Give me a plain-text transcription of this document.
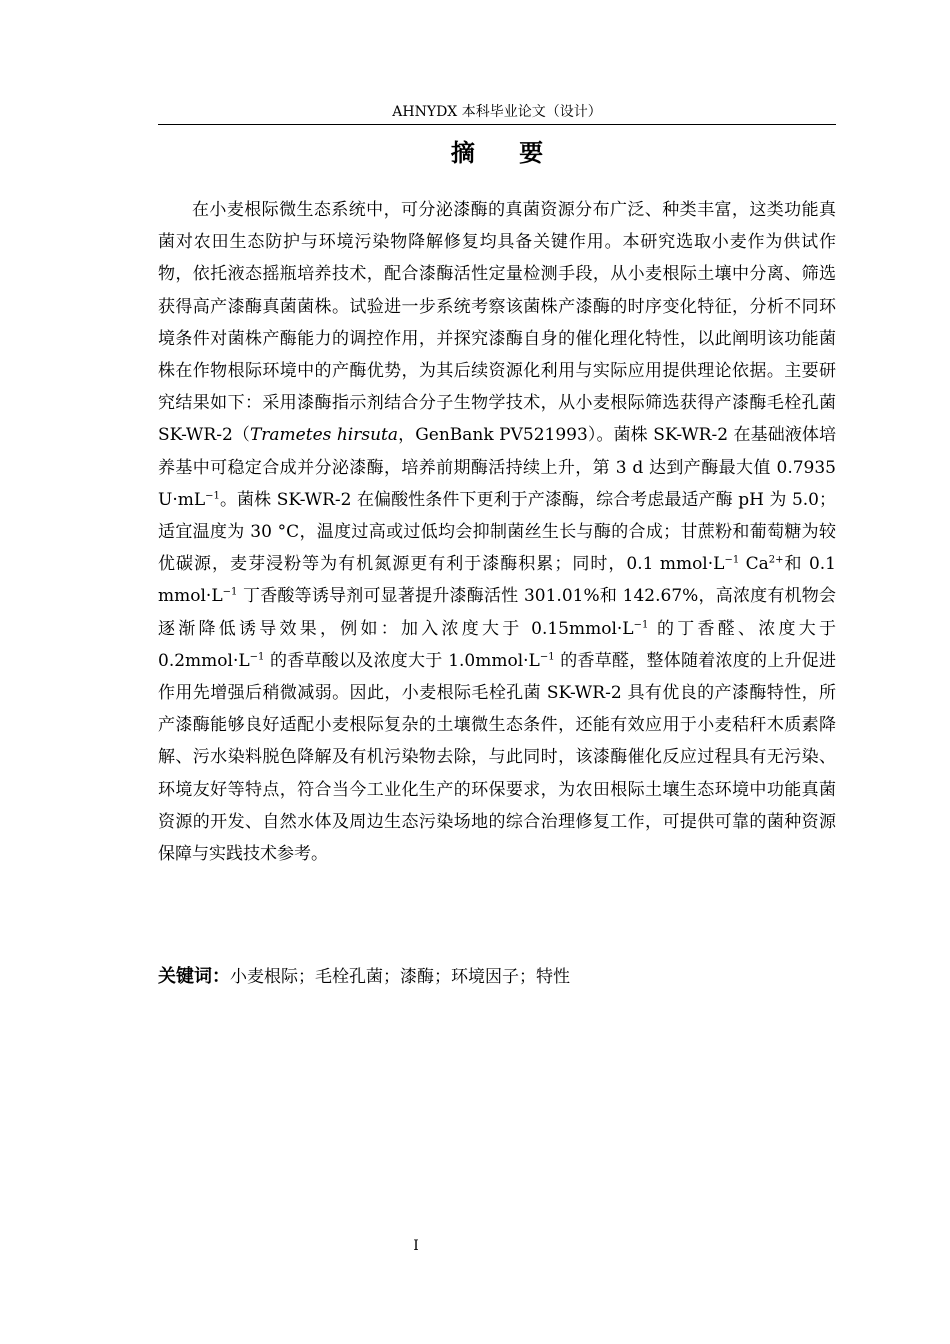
AHNYDX 本科毕业论文（设计）
摘 要

在小麦根际微生态系统中，可分泌漆酶的真菌资源分布广泛、种类丰富，这类功能真菌对农田生态防护与环境污染物降解修复均具备关键作用。本研究选取小麦作为供试作物，依托液态摇瓶培养技术，配合漆酶活性定量检测手段，从小麦根际土壤中分离、筛选获得高产漆酶真菌菌株。试验进一步系统考察该菌株产漆酶的时序变化特征，分析不同环境条件对菌株产酶能力的调控作用，并探究漆酶自身的催化理化特性，以此阐明该功能菌株在作物根际环境中的产酶优势，为其后续资源化利用与实际应用提供理论依据。主要研究结果如下：采用漆酶指示剂结合分子生物学技术，从小麦根际筛选获得产漆酶毛栓孔菌 SK-WR-2（Trametes hirsuta，GenBank PV521993）。菌株 SK-WR-2 在基础液体培养基中可稳定合成并分泌漆酶，培养前期酶活持续上升，第 3 d 达到产酶最大值 0.7935 $U\cdot mL^{-1}$。菌株 SK-WR-2 在偏酸性条件下更利于产漆酶，综合考虑最适产酶 pH 为 5.0；适宜温度为 30 °C，温度过高或过低均会抑制菌丝生长与酶的合成；甘蔗粉和葡萄糖为较优碳源，麦芽浸粉等为有机氮源更有利于漆酶积累；同时，0.1 $mmol\cdot L^{-1}$ $Ca^{2+}$和 0.1 $mmol\cdot L^{-1}$ 丁香酸等诱导剂可显著提升漆酶活性 301.01%和 142.67%，高浓度有机物会逐渐降低诱导效果，例如：加入浓度大于 $0.15mmol\cdot L^{-1}$ 的丁香醛、浓度大于 $0.2mmol\cdot L^{-1}$ 的香草酸以及浓度大于 $1.0mmol\cdot L^{-1}$ 的香草醛，整体随着浓度的上升促进作用先增强后稍微减弱。因此，小麦根际毛栓孔菌 SK-WR-2 具有优良的产漆酶特性，所产漆酶能够良好适配小麦根际复杂的土壤微生态条件，还能有效应用于小麦秸秆木质素降解、污水染料脱色降解及有机污染物去除，与此同时，该漆酶催化反应过程具有无污染、环境友好等特点，符合当今工业化生产的环保要求，为农田根际土壤生态环境中功能真菌资源的开发、自然水体及周边生态污染场地的综合治理修复工作，可提供可靠的菌种资源保障与实践技术参考。

关键词：小麦根际；毛栓孔菌；漆酶；环境因子；特性
I
